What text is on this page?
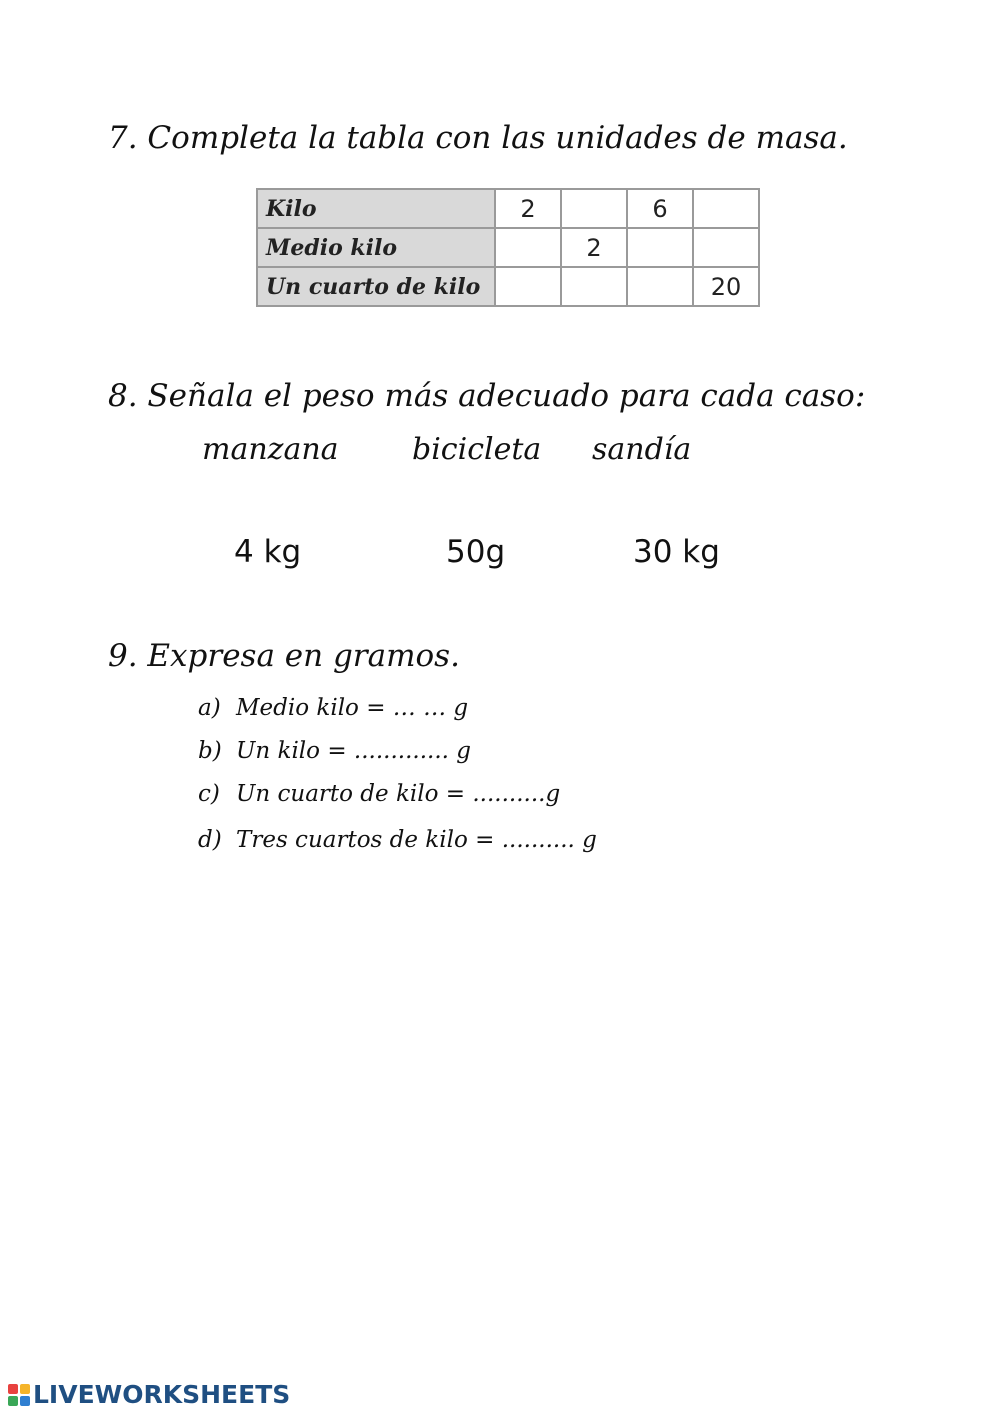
7. Completa la tabla con las unidades de masa.
Kilo	2		6	
Medio kilo		2		
Un cuarto de kilo				20
8. Señala el peso más adecuado para cada caso:
manzana bicicleta sandía
4 kg	50g	30 kg
9. Expresa en gramos.
a) Medio kilo = … … g
b) Un kilo = ............. g
c) Un cuarto de kilo = ..........g
d) Tres cuartos de kilo = .......... g
LIVEWORKSHEETS
